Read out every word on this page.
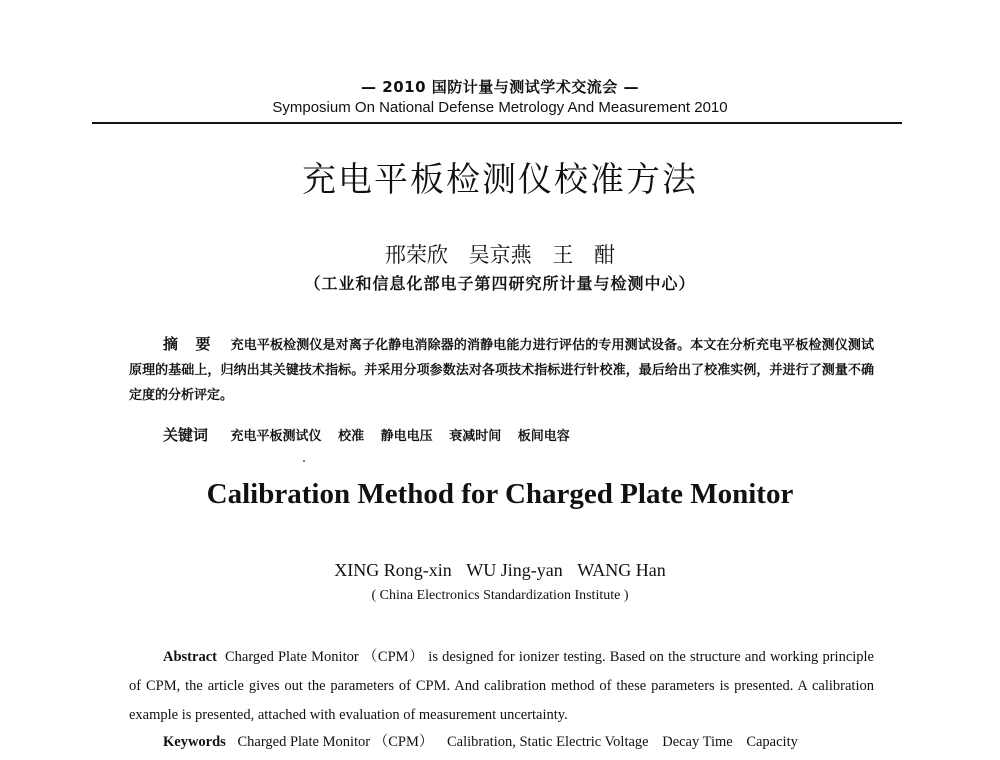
— 2010 国防计量与测试学术交流会 —
Symposium On National Defense Metrology And Measurement 2010
充电平板检测仪校准方法
邢荣欣 吴京燕 王 酣
（工业和信息化部电子第四研究所计量与检测中心）
摘 要 充电平板检测仪是对离子化静电消除器的消静电能力进行评估的专用测试设备。本文在分析充电平板检测仪测试原理的基础上，归纳出其关键技术指标。并采用分项参数法对各项技术指标进行针校准，最后给出了校准实例，并进行了测量不确定度的分析评定。
关键词 充电平板测试仪 校准 静电电压 衰减时间 板间电容
Calibration Method for Charged Plate Monitor
XING Rong-xin WU Jing-yan WANG Han
( China Electronics Standardization Institute )
Abstract Charged Plate Monitor （CPM） is designed for ionizer testing. Based on the structure and working principle of CPM, the article gives out the parameters of CPM. And calibration method of these parameters is presented. A calibration example is presented, attached with evaluation of measurement uncertainty.
Keywords Charged Plate Monitor （CPM） Calibration, Static Electric Voltage Decay Time Capacity
